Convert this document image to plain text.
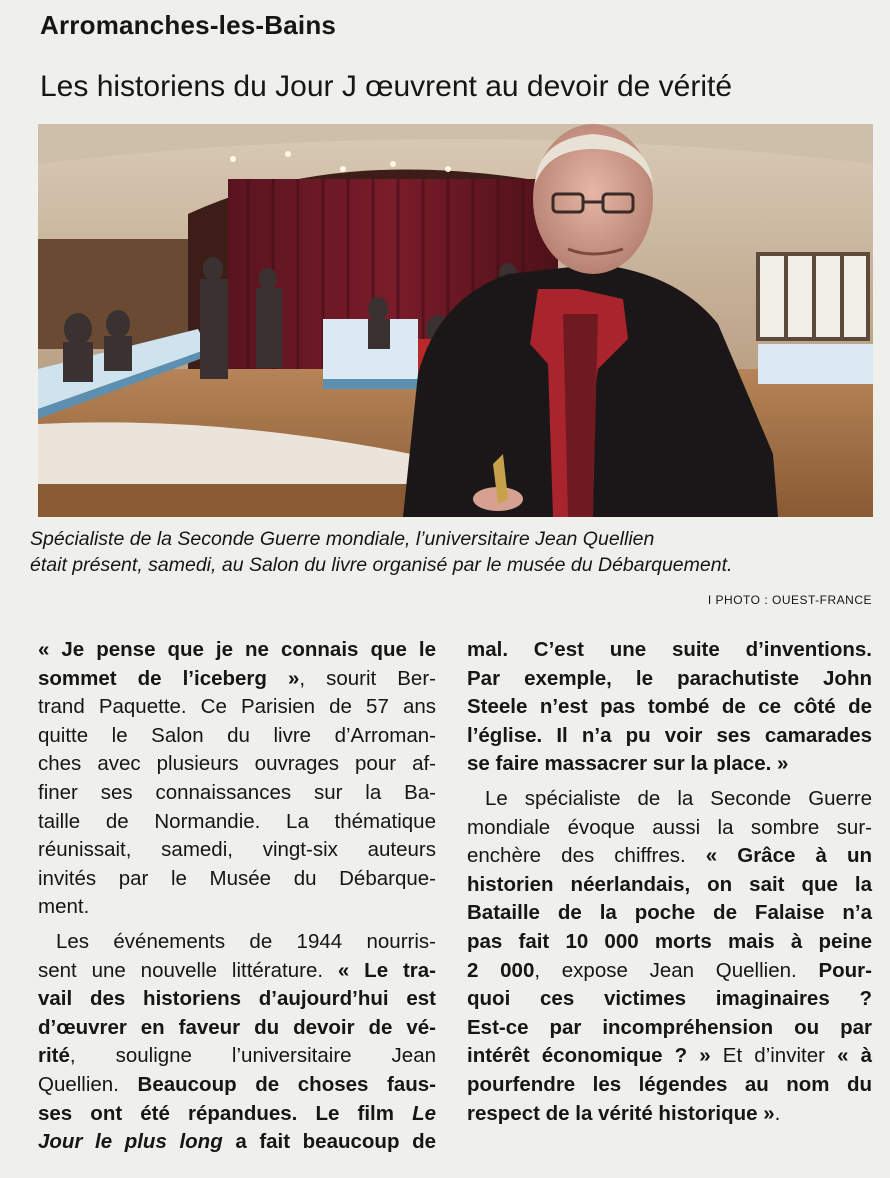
Arromanches-les-Bains
Les historiens du Jour J œuvrent au devoir de vérité
Spécialiste de la Seconde Guerre mondiale, l’universitaire Jean Quellien
était présent, samedi, au Salon du livre organisé par le musée du Débarquement.
I PHOTO : OUEST-FRANCE
« Je pense que je ne connais que le
sommet de l’iceberg », sourit Ber-
trand Paquette. Ce Parisien de 57 ans
quitte le Salon du livre d’Arroman-
ches avec plusieurs ouvrages pour af-
finer ses connaissances sur la Ba-
taille de Normandie. La thématique
réunissait, samedi, vingt-six auteurs
invités par le Musée du Débarque-
ment.
Les événements de 1944 nourris-
sent une nouvelle littérature. « Le tra-
vail des historiens d’aujourd’hui est
d’œuvrer en faveur du devoir de vé-
rité, souligne l’universitaire Jean
Quellien. Beaucoup de choses faus-
ses ont été répandues. Le film Le
Jour le plus long a fait beaucoup de
mal. C’est une suite d’inventions.
Par exemple, le parachutiste John
Steele n’est pas tombé de ce côté de
l’église. Il n’a pu voir ses camarades
se faire massacrer sur la place. »
Le spécialiste de la Seconde Guerre
mondiale évoque aussi la sombre sur-
enchère des chiffres. « Grâce à un
historien néerlandais, on sait que la
Bataille de la poche de Falaise n’a
pas fait 10 000 morts mais à peine
2 000, expose Jean Quellien. Pour-
quoi ces victimes imaginaires ?
Est-ce par incompréhension ou par
intérêt économique ? » Et d’inviter « à
pourfendre les légendes au nom du
respect de la vérité historique ».
